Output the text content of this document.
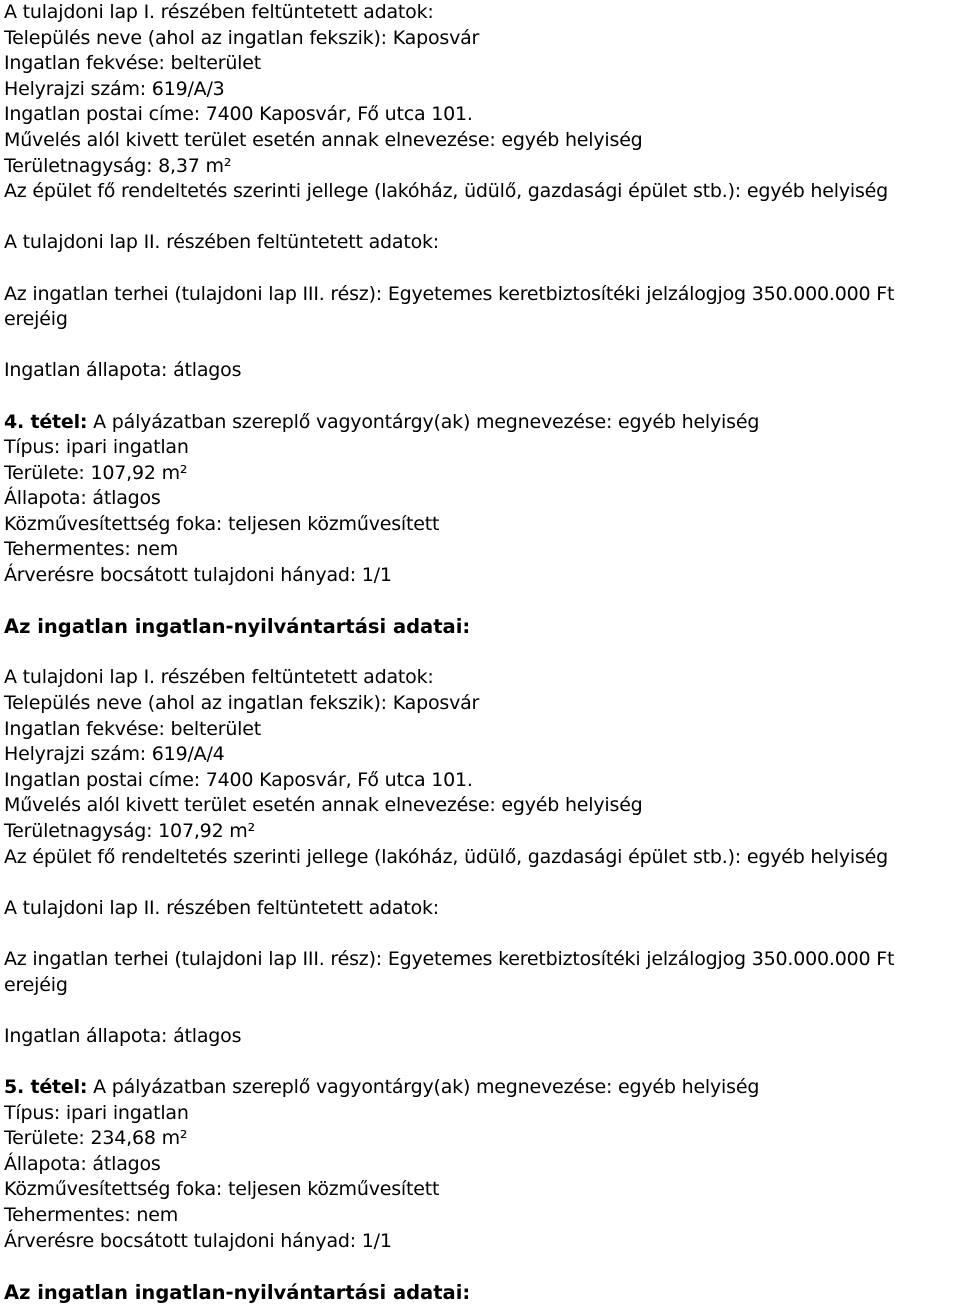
A tulajdoni lap I. részében feltüntetett adatok:
Település neve (ahol az ingatlan fekszik): Kaposvár
Ingatlan fekvése: belterület
Helyrajzi szám: 619/A/3
Ingatlan postai címe: 7400 Kaposvár, Fő utca 101.
Művelés alól kivett terület esetén annak elnevezése: egyéb helyiség
Területnagyság: 8,37 m²
Az épület fő rendeltetés szerinti jellege (lakóház, üdülő, gazdasági épület stb.): egyéb helyiség
A tulajdoni lap II. részében feltüntetett adatok:
Az ingatlan terhei (tulajdoni lap III. rész): Egyetemes keretbiztosítéki jelzálogjog 350.000.000 Ft
erejéig
Ingatlan állapota: átlagos
4. tétel: A pályázatban szereplő vagyontárgy(ak) megnevezése: egyéb helyiség
Típus: ipari ingatlan
Területe: 107,92 m²
Állapota: átlagos
Közművesítettség foka: teljesen közművesített
Tehermentes: nem
Árverésre bocsátott tulajdoni hányad: 1/1
Az ingatlan ingatlan-nyilvántartási adatai:
A tulajdoni lap I. részében feltüntetett adatok:
Település neve (ahol az ingatlan fekszik): Kaposvár
Ingatlan fekvése: belterület
Helyrajzi szám: 619/A/4
Ingatlan postai címe: 7400 Kaposvár, Fő utca 101.
Művelés alól kivett terület esetén annak elnevezése: egyéb helyiség
Területnagyság: 107,92 m²
Az épület fő rendeltetés szerinti jellege (lakóház, üdülő, gazdasági épület stb.): egyéb helyiség
A tulajdoni lap II. részében feltüntetett adatok:
Az ingatlan terhei (tulajdoni lap III. rész): Egyetemes keretbiztosítéki jelzálogjog 350.000.000 Ft
erejéig
Ingatlan állapota: átlagos
5. tétel: A pályázatban szereplő vagyontárgy(ak) megnevezése: egyéb helyiség
Típus: ipari ingatlan
Területe: 234,68 m²
Állapota: átlagos
Közművesítettség foka: teljesen közművesített
Tehermentes: nem
Árverésre bocsátott tulajdoni hányad: 1/1
Az ingatlan ingatlan-nyilvántartási adatai:
